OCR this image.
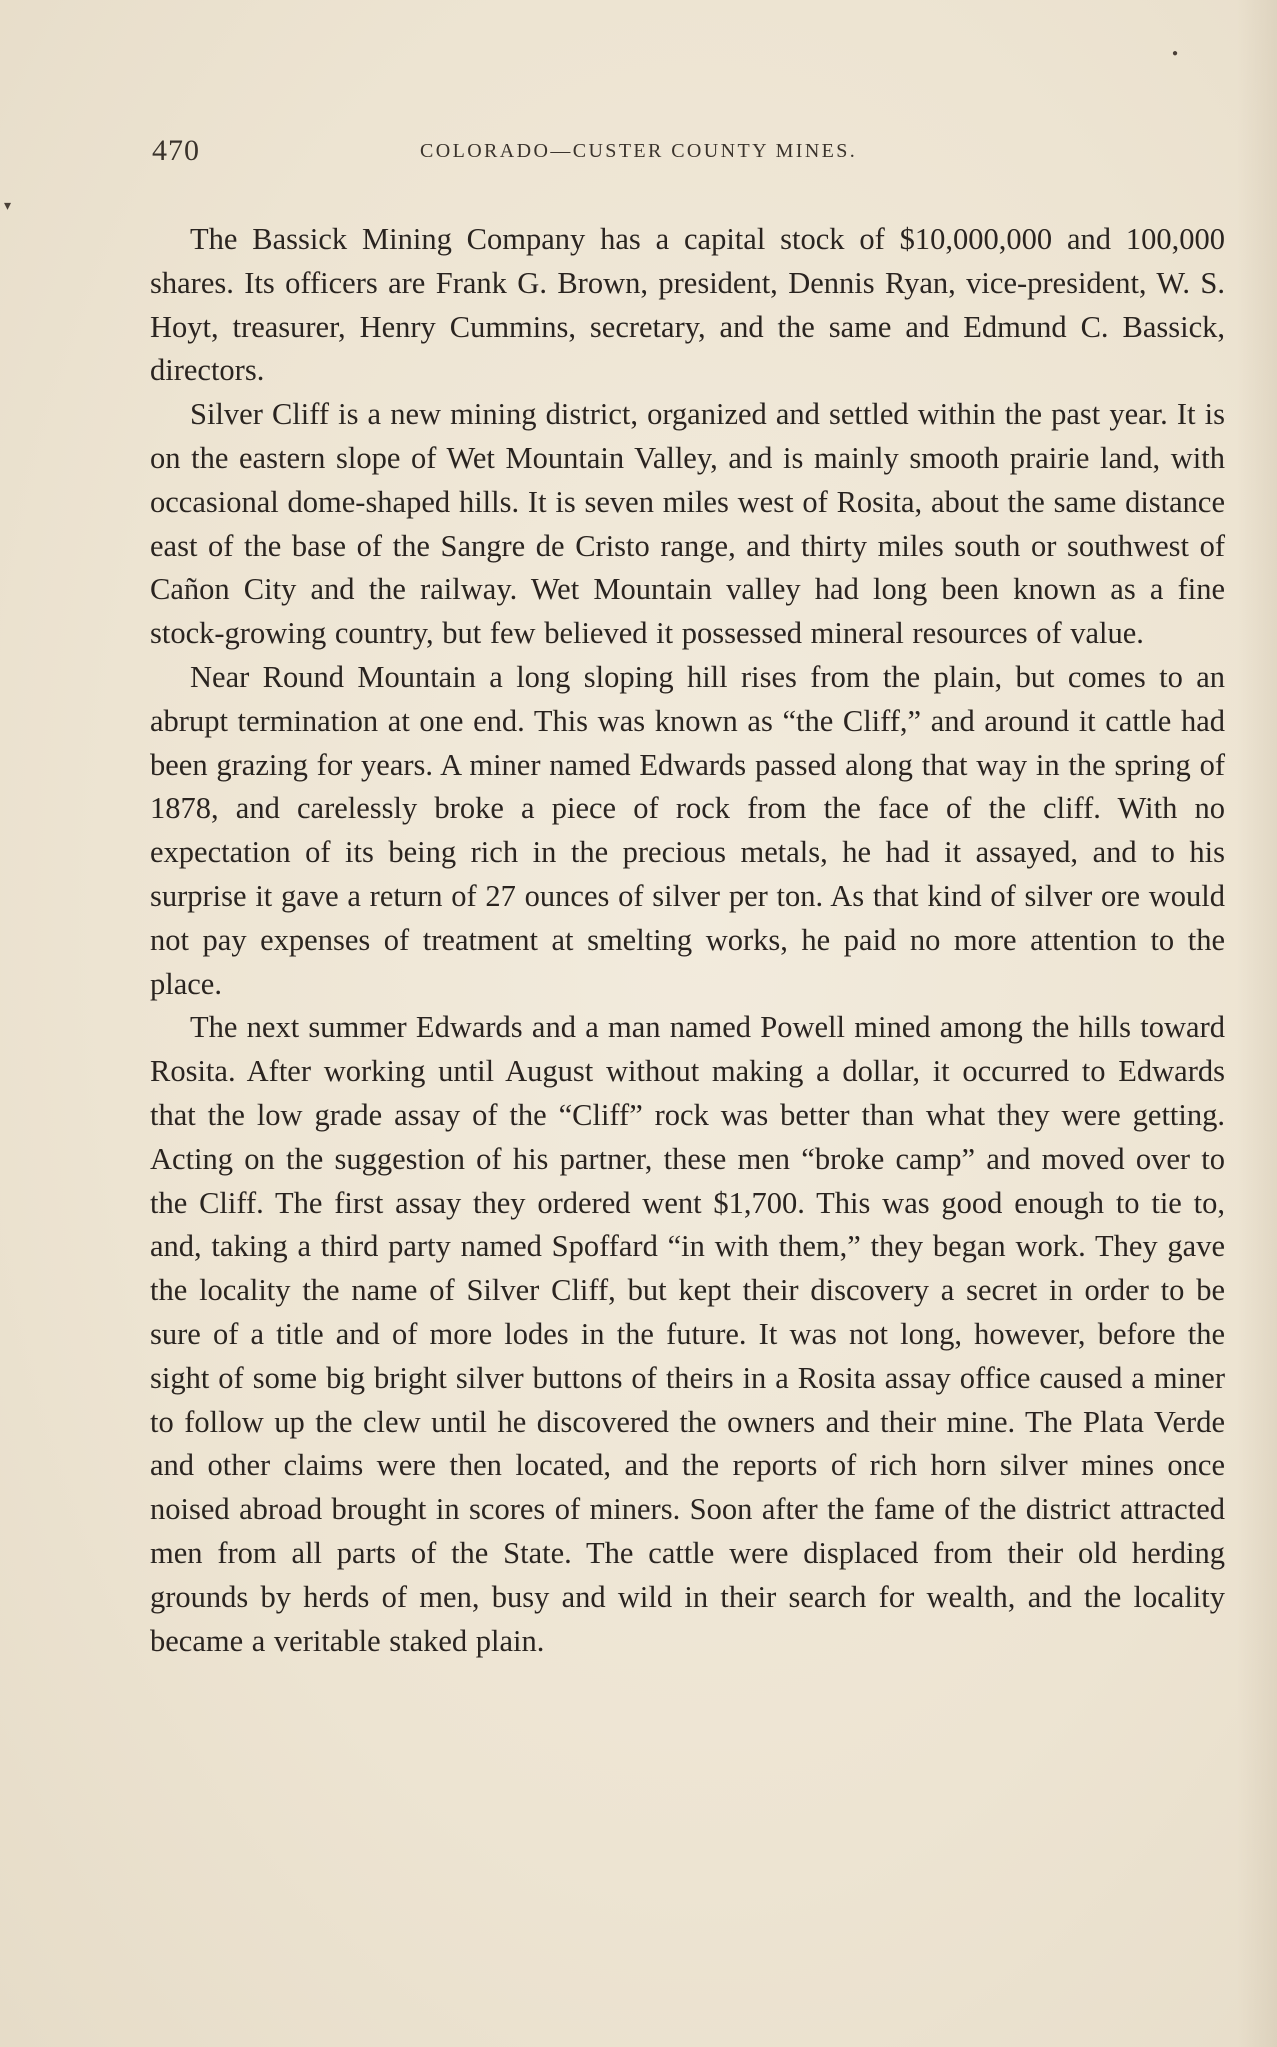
●
▾
470	COLORADO—CUSTER COUNTY MINES.

The Bassick Mining Company has a capital stock of $10,000,000 and 100,000 shares. Its officers are Frank G. Brown, president, Dennis Ryan, vice-president, W. S. Hoyt, treasurer, Henry Cummins, secretary, and the same and Edmund C. Bassick, directors.

Silver Cliff is a new mining district, organized and settled within the past year. It is on the eastern slope of Wet Mountain Valley, and is mainly smooth prairie land, with occasional dome-shaped hills. It is seven miles west of Rosita, about the same distance east of the base of the Sangre de Cristo range, and thirty miles south or southwest of Cañon City and the railway. Wet Mountain valley had long been known as a fine stock-growing country, but few believed it possessed mineral resources of value.

Near Round Mountain a long sloping hill rises from the plain, but comes to an abrupt termination at one end. This was known as “the Cliff,” and around it cattle had been grazing for years. A miner named Edwards passed along that way in the spring of 1878, and carelessly broke a piece of rock from the face of the cliff. With no expectation of its being rich in the precious metals, he had it assayed, and to his surprise it gave a return of 27 ounces of silver per ton. As that kind of silver ore would not pay expenses of treatment at smelting works, he paid no more attention to the place.

The next summer Edwards and a man named Powell mined among the hills toward Rosita. After working until August without making a dollar, it occurred to Edwards that the low grade assay of the “Cliff” rock was better than what they were getting. Acting on the suggestion of his partner, these men “broke camp” and moved over to the Cliff. The first assay they ordered went $1,700. This was good enough to tie to, and, taking a third party named Spoffard “in with them,” they began work. They gave the locality the name of Silver Cliff, but kept their discovery a secret in order to be sure of a title and of more lodes in the future. It was not long, however, before the sight of some big bright silver buttons of theirs in a Rosita assay office caused a miner to follow up the clew until he discovered the owners and their mine. The Plata Verde and other claims were then located, and the reports of rich horn silver mines once noised abroad brought in scores of miners. Soon after the fame of the district attracted men from all parts of the State. The cattle were displaced from their old herding grounds by herds of men, busy and wild in their search for wealth, and the locality became a veritable staked plain.
